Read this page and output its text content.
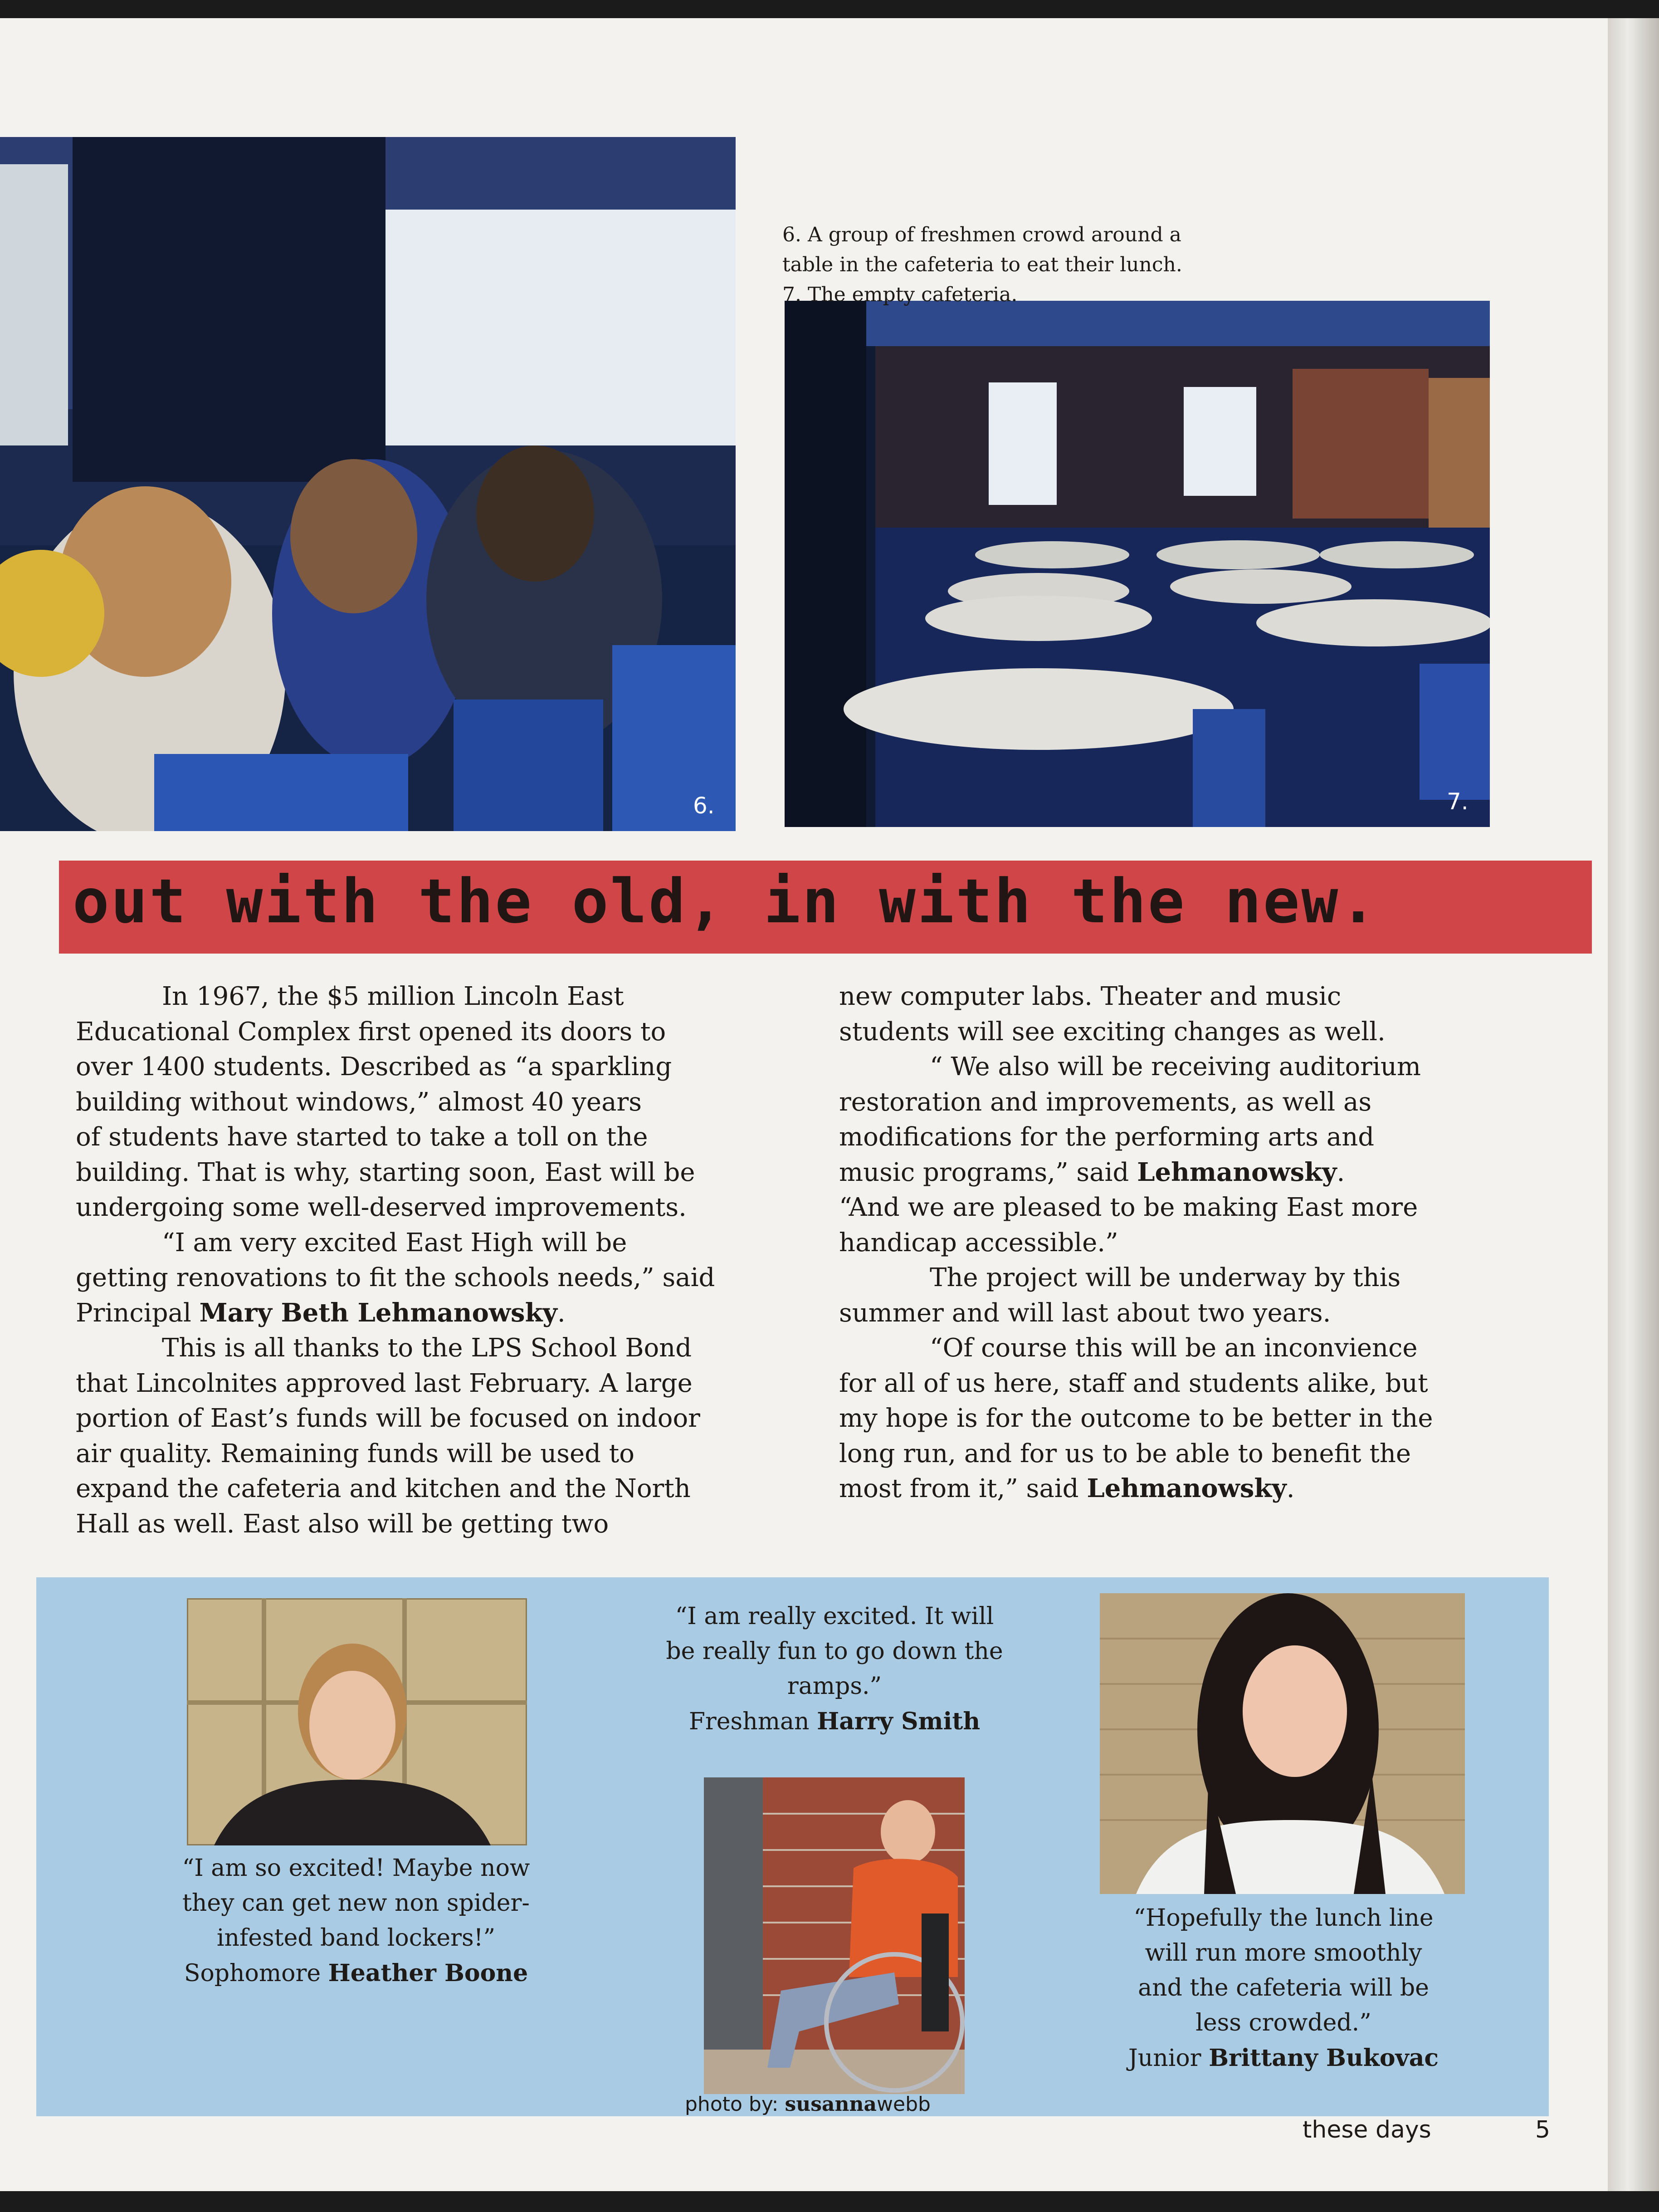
6.	7.
6. A group of freshmen crowd around a
table in the cafeteria to eat their lunch.
7. The empty cafeteria.
out with the old, in with the new.
In 1967, the $5 million Lincoln East
Educational Complex first opened its doors to
over 1400 students. Described as “a sparkling
building without windows,” almost 40 years
of students have started to take a toll on the
building. That is why, starting soon, East will be
undergoing some well-deserved improvements.
“I am very excited East High will be
getting renovations to fit the schools needs,” said
Principal Mary Beth Lehmanowsky.
This is all thanks to the LPS School Bond
that Lincolnites approved last February. A large
portion of East’s funds will be focused on indoor
air quality. Remaining funds will be used to
expand the cafeteria and kitchen and the North
Hall as well. East also will be getting two
new computer labs. Theater and music
students will see exciting changes as well.
“ We also will be receiving auditorium
restoration and improvements, as well as
modifications for the performing arts and
music programs,” said Lehmanowsky.
“And we are pleased to be making East more
handicap accessible.”
The project will be underway by this
summer and will last about two years.
“Of course this will be an inconvience
for all of us here, staff and students alike, but
my hope is for the outcome to be better in the
long run, and for us to be able to benefit the
most from it,” said Lehmanowsky.
“I am so excited! Maybe now
they can get new non spider-
infested band lockers!”
Sophomore Heather Boone
“I am really excited. It will
be really fun to go down the
ramps.”
Freshman Harry Smith
“Hopefully the lunch line
will run more smoothly
and the cafeteria will be
less crowded.”
Junior Brittany Bukovac
photo by: susannawebb
these days	5
